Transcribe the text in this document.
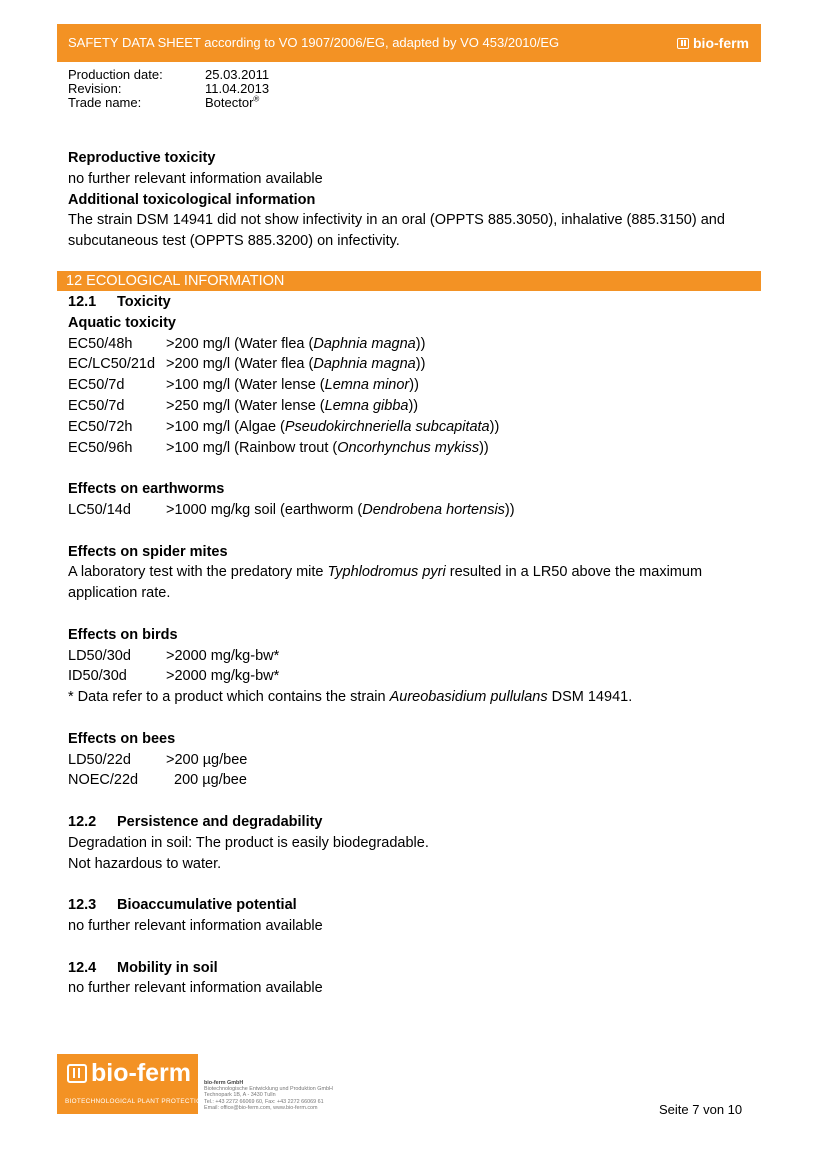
SAFETY DATA SHEET according to VO 1907/2006/EG, adapted by VO 453/2010/EG	bio-ferm
Production date:	25.03.2011
Revision:	11.04.2013
Trade name:	Botector®

Reproductive toxicity

no further relevant information available

Additional toxicological information

The strain DSM 14941 did not show infectivity in an oral (OPPTS 885.3050), inhalative (885.3150) and

subcutaneous test (OPPTS 885.3200) on infectivity.

12 ECOLOGICAL INFORMATION

12.1 Toxicity

Aquatic toxicity

EC50/48h	>200 mg/l (Water flea (Daphnia magna))
EC/LC50/21d >200 mg/l (Water flea (Daphnia magna))
EC50/7d	>100 mg/l (Water lense (Lemna minor))
EC50/7d	>250 mg/l (Water lense (Lemna gibba))
EC50/72h	>100 mg/l (Algae (Pseudokirchneriella subcapitata))
EC50/96h	>100 mg/l (Rainbow trout (Oncorhynchus mykiss))

Effects on earthworms

LC50/14d	>1000 mg/kg soil (earthworm (Dendrobena hortensis))

Effects on spider mites

A laboratory test with the predatory mite Typhlodromus pyri resulted in a LR50 above the maximum

application rate.

Effects on birds

LD50/30d	>2000 mg/kg-bw*
ID50/30d	>2000 mg/kg-bw*

* Data refer to a product which contains the strain Aureobasidium pullulans DSM 14941.

Effects on bees

LD50/22d	>200 µg/bee
NOEC/22d	200 µg/bee

12.2 Persistence and degradability

Degradation in soil: The product is easily biodegradable.

Not hazardous to water.

12.3 Bioaccumulative potential

no further relevant information available

12.4 Mobility in soil

no further relevant information available

bio-ferm
BIOTECHNOLOGICAL PLANT PROTECTION
bio-ferm GmbH
Biotechnologische Entwicklung und Produktion GmbH
Technopark 1B, A - 3430 Tulln
Tel.: +43 2272 66069 60, Fax: +43 2272 66069 61
Email: office@bio-ferm.com, www.bio-ferm.com	Seite 7 von 10
